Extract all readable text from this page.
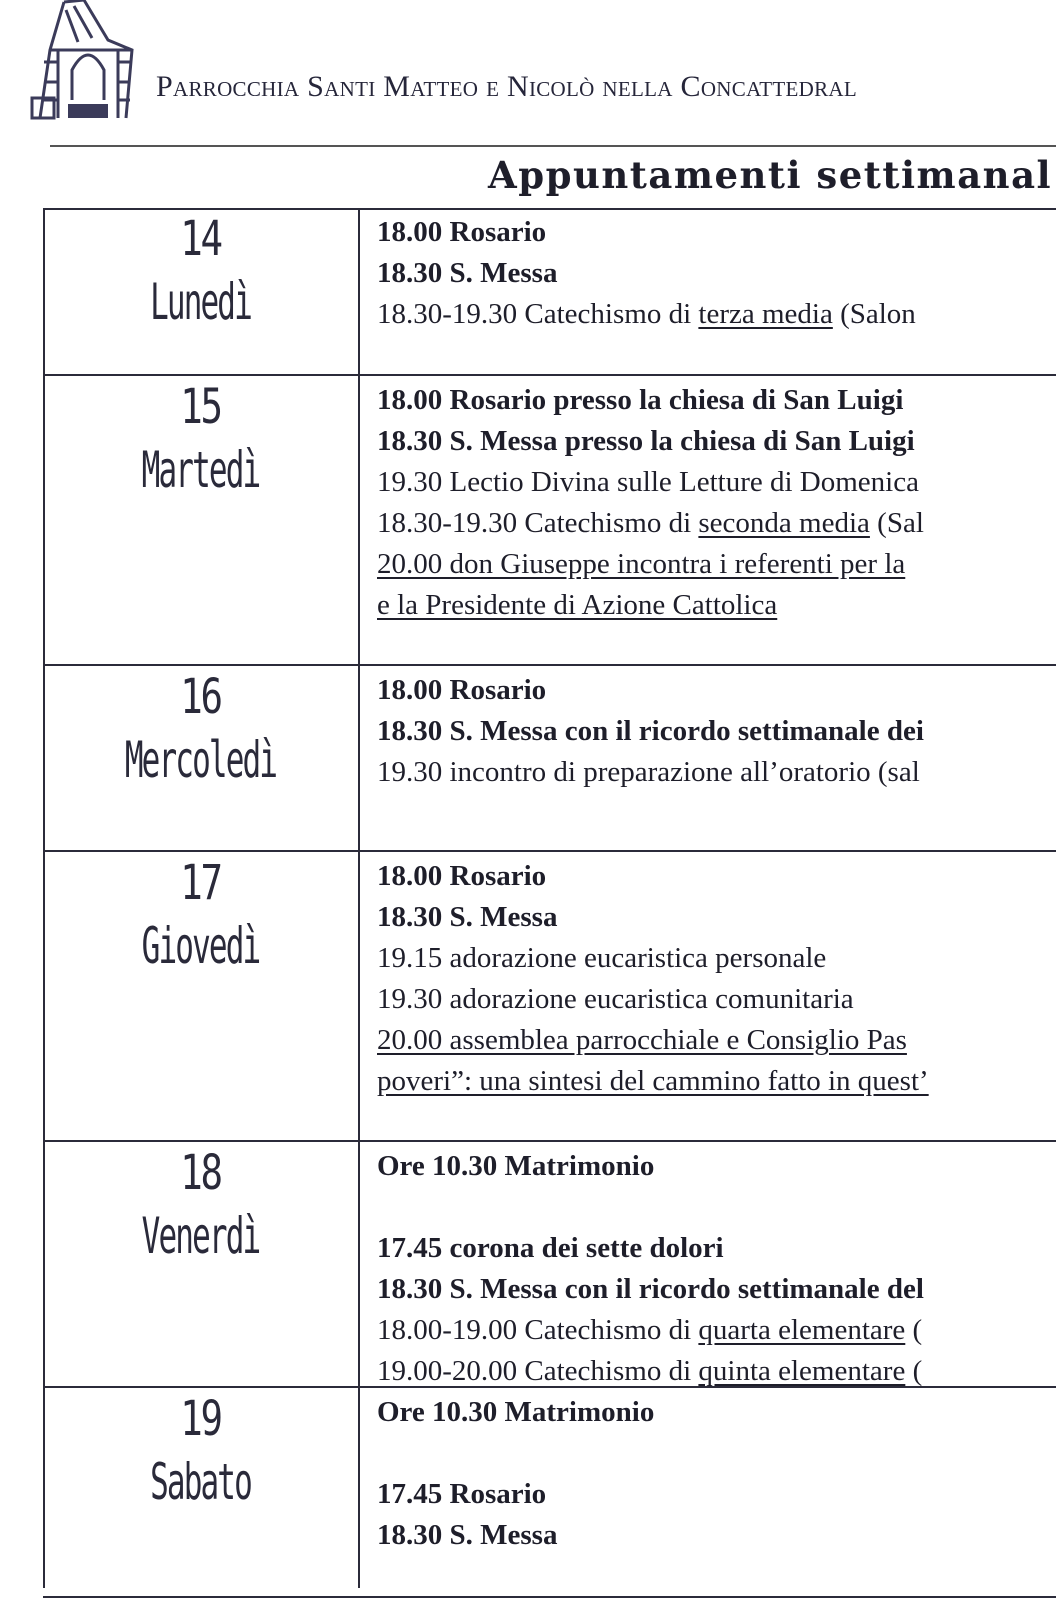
Parrocchia Santi Matteo e Nicolò nella Concattedral
Appuntamenti settimanal
14
Lunedì
18.00 Rosario
18.30 S. Messa
18.30-19.30 Catechismo di terza media (Salon
15
Martedì
18.00 Rosario presso la chiesa di San Luigi
18.30 S. Messa presso la chiesa di San Luigi
19.30 Lectio Divina sulle Letture di Domenica
18.30-19.30 Catechismo di seconda media (Sal
20.00 don Giuseppe incontra i referenti per la
e la Presidente di Azione Cattolica
16
Mercoledì
18.00 Rosario
18.30 S. Messa con il ricordo settimanale dei
19.30 incontro di preparazione all’oratorio (sal
17
Giovedì
18.00 Rosario
18.30 S. Messa
19.15 adorazione eucaristica personale
19.30 adorazione eucaristica comunitaria
20.00 assemblea parrocchiale e Consiglio Pas
poveri”: una sintesi del cammino fatto in quest’
18
Venerdì
Ore 10.30 Matrimonio
17.45 corona dei sette dolori
18.30 S. Messa con il ricordo settimanale del
18.00-19.00 Catechismo di quarta elementare (
19.00-20.00 Catechismo di quinta elementare (
19
Sabato
Ore 10.30 Matrimonio
17.45 Rosario
18.30 S. Messa
